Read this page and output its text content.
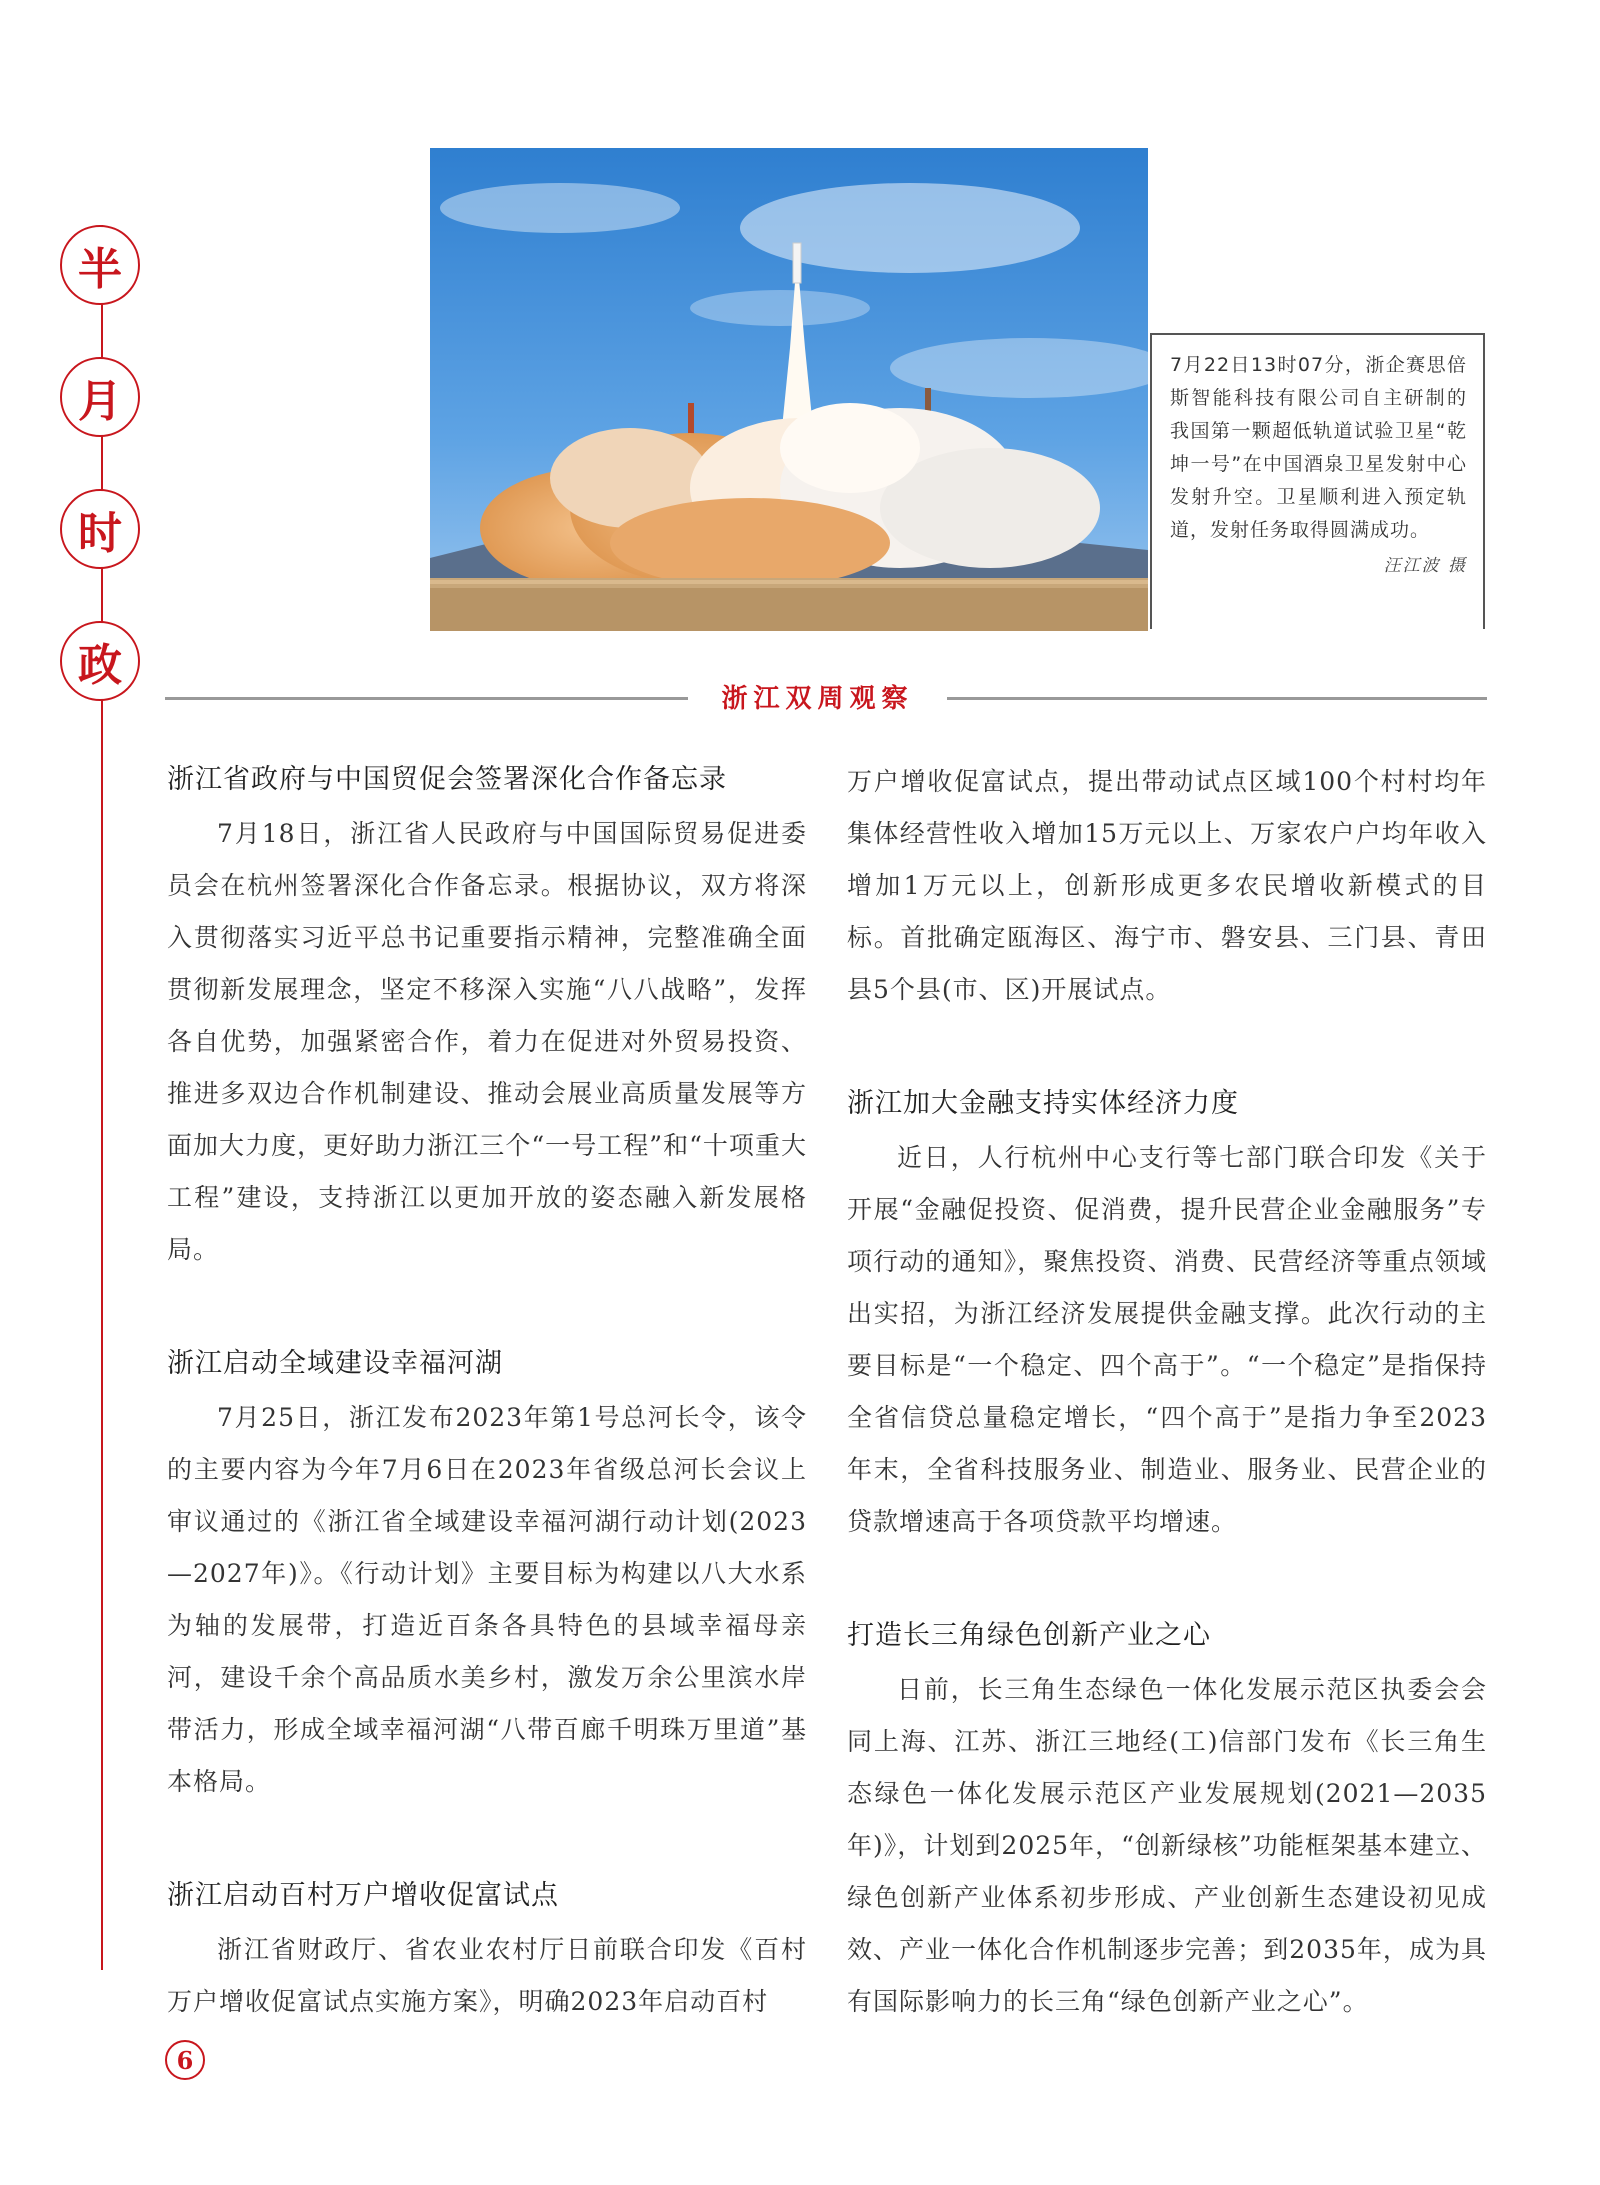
半
月
时
政
7月22日13时07分，浙企赛思倍斯智能科技有限公司自主研制的我国第一颗超低轨道试验卫星“乾坤一号”在中国酒泉卫星发射中心发射升空。卫星顺利进入预定轨道，发射任务取得圆满成功。
汪江波 摄
浙江双周观察
浙江省政府与中国贸促会签署深化合作备忘录

7月18日，浙江省人民政府与中国国际贸易促进委员会在杭州签署深化合作备忘录。根据协议，双方将深入贯彻落实习近平总书记重要指示精神，完整准确全面贯彻新发展理念，坚定不移深入实施“八八战略”，发挥各自优势，加强紧密合作，着力在促进对外贸易投资、推进多双边合作机制建设、推动会展业高质量发展等方面加大力度，更好助力浙江三个“一号工程”和“十项重大工程”建设，支持浙江以更加开放的姿态融入新发展格局。

浙江启动全域建设幸福河湖

7月25日，浙江发布2023年第1号总河长令，该令的主要内容为今年7月6日在2023年省级总河长会议上审议通过的《浙江省全域建设幸福河湖行动计划(2023—2027年)》。《行动计划》主要目标为构建以八大水系为轴的发展带，打造近百条各具特色的县域幸福母亲河，建设千余个高品质水美乡村，激发万余公里滨水岸带活力，形成全域幸福河湖“八带百廊千明珠万里道”基本格局。

浙江启动百村万户增收促富试点

浙江省财政厅、省农业农村厅日前联合印发《百村万户增收促富试点实施方案》，明确2023年启动百村

万户增收促富试点，提出带动试点区域100个村村均年集体经营性收入增加15万元以上、万家农户户均年收入增加1万元以上，创新形成更多农民增收新模式的目标。首批确定瓯海区、海宁市、磐安县、三门县、青田县5个县(市、区)开展试点。

浙江加大金融支持实体经济力度

近日，人行杭州中心支行等七部门联合印发《关于开展“金融促投资、促消费，提升民营企业金融服务”专项行动的通知》，聚焦投资、消费、民营经济等重点领域出实招，为浙江经济发展提供金融支撑。此次行动的主要目标是“一个稳定、四个高于”。“一个稳定”是指保持全省信贷总量稳定增长，“四个高于”是指力争至2023年末，全省科技服务业、制造业、服务业、民营企业的贷款增速高于各项贷款平均增速。

打造长三角绿色创新产业之心

日前，长三角生态绿色一体化发展示范区执委会会同上海、江苏、浙江三地经(工)信部门发布《长三角生态绿色一体化发展示范区产业发展规划(2021—2035年)》，计划到2025年，“创新绿核”功能框架基本建立、绿色创新产业体系初步形成、产业创新生态建设初见成效、产业一体化合作机制逐步完善；到2035年，成为具有国际影响力的长三角“绿色创新产业之心”。

6
